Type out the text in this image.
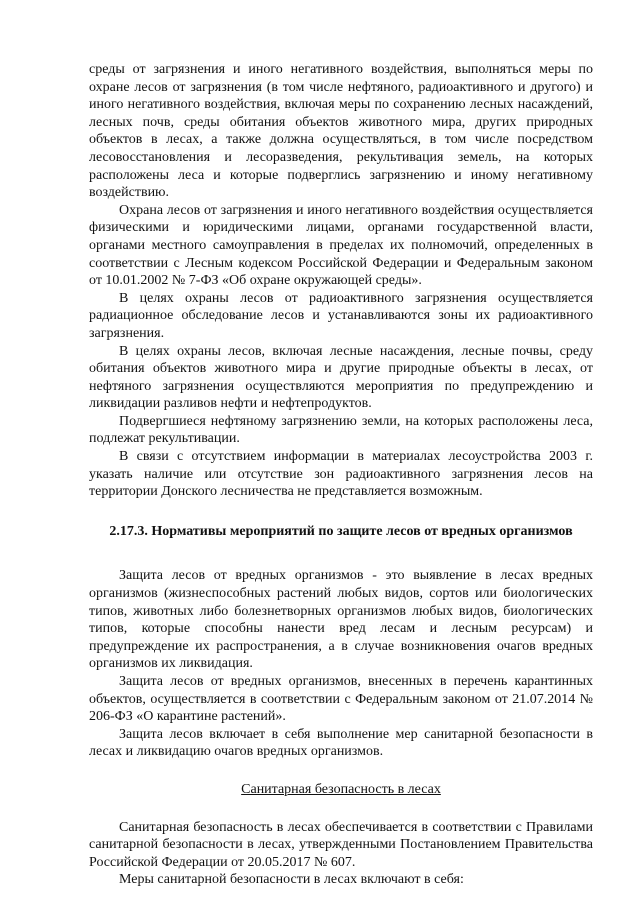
среды от загрязнения и иного негативного воздействия, выполняться меры по охране лесов от загрязнения (в том числе нефтяного, радиоактивного и другого) и иного негативного воздействия, включая меры по сохранению лесных насаждений, лесных почв, среды обитания объектов животного мира, других природных объектов в лесах, а также должна осуществляться, в том числе посредством лесовосстановления и лесоразведения, рекультивация земель, на которых расположены леса и которые подверглись загрязнению и иному негативному воздействию.

Охрана лесов от загрязнения и иного негативного воздействия осуществляется физическими и юридическими лицами, органами государственной власти, органами местного самоуправления в пределах их полномочий, определенных в соответствии с Лесным кодексом Российской Федерации и Федеральным законом от 10.01.2002 № 7-ФЗ «Об охране окружающей среды».

В целях охраны лесов от радиоактивного загрязнения осуществляется радиационное обследование лесов и устанавливаются зоны их радиоактивного загрязнения.

В целях охраны лесов, включая лесные насаждения, лесные почвы, среду обитания объектов животного мира и другие природные объекты в лесах, от нефтяного загрязнения осуществляются мероприятия по предупреждению и ликвидации разливов нефти и нефтепродуктов.

Подвергшиеся нефтяному загрязнению земли, на которых расположены леса, подлежат рекультивации.

В связи с отсутствием информации в материалах лесоустройства 2003 г. указать наличие или отсутствие зон радиоактивного загрязнения лесов на территории Донского лесничества не представляется возможным.

2.17.3. Нормативы мероприятий по защите лесов от вредных организмов

Защита лесов от вредных организмов - это выявление в лесах вредных организмов (жизнеспособных растений любых видов, сортов или биологических типов, животных либо болезнетворных организмов любых видов, биологических типов, которые способны нанести вред лесам и лесным ресурсам) и предупреждение их распространения, а в случае возникновения очагов вредных организмов их ликвидация.

Защита лесов от вредных организмов, внесенных в перечень карантинных объектов, осуществляется в соответствии с Федеральным законом от 21.07.2014 № 206-ФЗ «О карантине растений».

Защита лесов включает в себя выполнение мер санитарной безопасности в лесах и ликвидацию очагов вредных организмов.

Санитарная безопасность в лесах

Санитарная безопасность в лесах обеспечивается в соответствии с Правилами санитарной безопасности в лесах, утвержденными Постановлением Правительства Российской Федерации от 20.05.2017 № 607.

Меры санитарной безопасности в лесах включают в себя:
